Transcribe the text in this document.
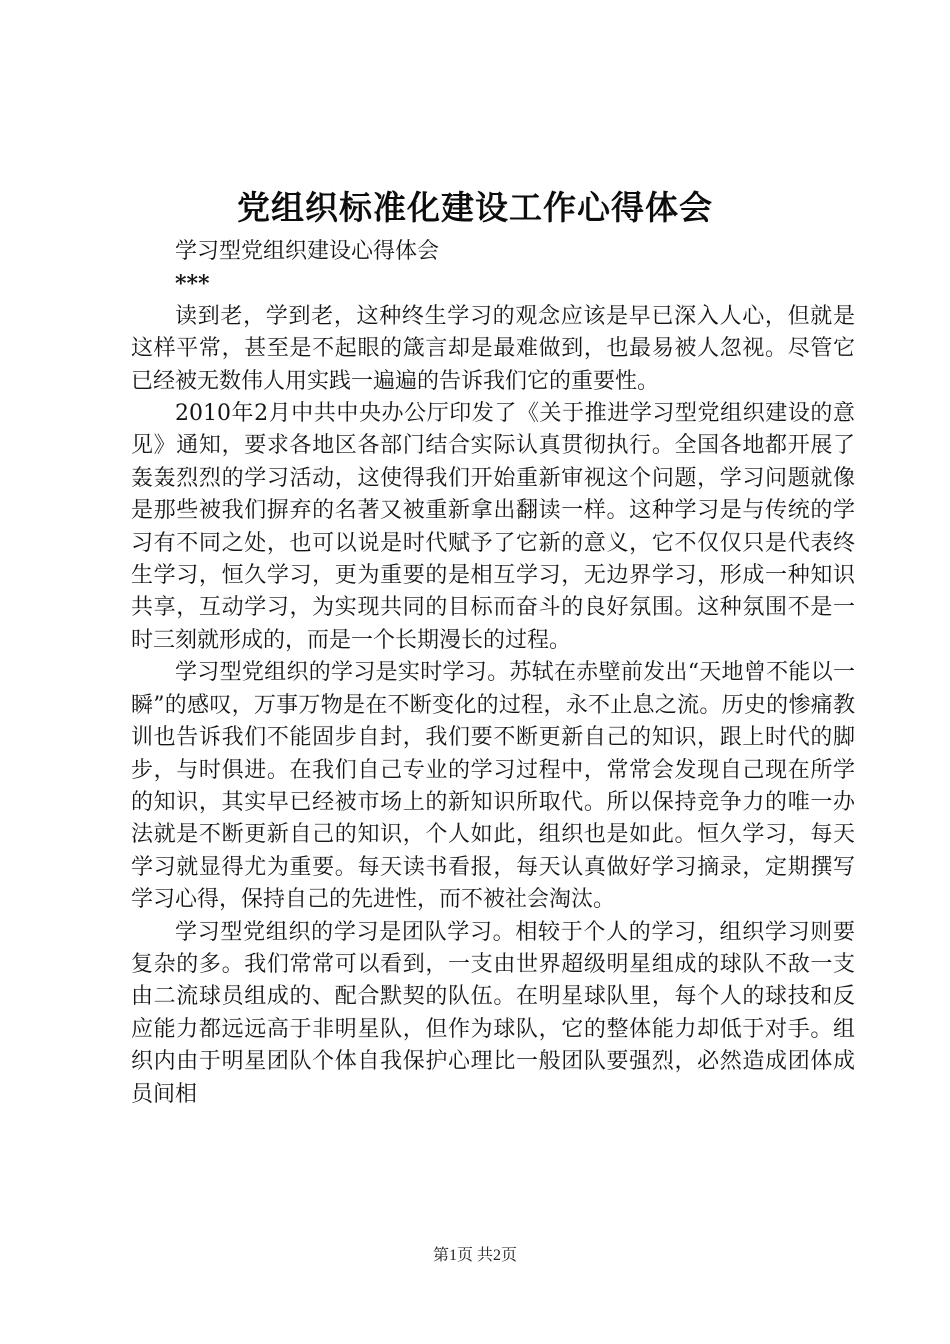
党组织标准化建设工作心得体会

学习型党组织建设心得体会

***

读到老，学到老，这种终生学习的观念应该是早已深入人心，但就是这样平常，甚至是不起眼的箴言却是最难做到，也最易被人忽视。尽管它已经被无数伟人用实践一遍遍的告诉我们它的重要性。

2010年2月中共中央办公厅印发了《关于推进学习型党组织建设的意见》通知，要求各地区各部门结合实际认真贯彻执行。全国各地都开展了轰轰烈烈的学习活动，这使得我们开始重新审视这个问题，学习问题就像是那些被我们摒弃的名著又被重新拿出翻读一样。这种学习是与传统的学习有不同之处，也可以说是时代赋予了它新的意义，它不仅仅只是代表终生学习，恒久学习，更为重要的是相互学习，无边界学习，形成一种知识共享，互动学习，为实现共同的目标而奋斗的良好氛围。这种氛围不是一时三刻就形成的，而是一个长期漫长的过程。

学习型党组织的学习是实时学习。苏轼在赤壁前发出“天地曾不能以一瞬”的感叹，万事万物是在不断变化的过程，永不止息之流。历史的惨痛教训也告诉我们不能固步自封，我们要不断更新自己的知识，跟上时代的脚步，与时俱进。在我们自己专业的学习过程中，常常会发现自己现在所学的知识，其实早已经被市场上的新知识所取代。所以保持竞争力的唯一办法就是不断更新自己的知识，个人如此，组织也是如此。恒久学习，每天学习就显得尤为重要。每天读书看报，每天认真做好学习摘录，定期撰写学习心得，保持自己的先进性，而不被社会淘汰。

学习型党组织的学习是团队学习。相较于个人的学习，组织学习则要复杂的多。我们常常可以看到，一支由世界超级明星组成的球队不敌一支由二流球员组成的、配合默契的队伍。在明星球队里，每个人的球技和反应能力都远远高于非明星队，但作为球队，它的整体能力却低于对手。组织内由于明星团队个体自我保护心理比一般团队要强烈，必然造成团体成员间相

第1页 共2页
